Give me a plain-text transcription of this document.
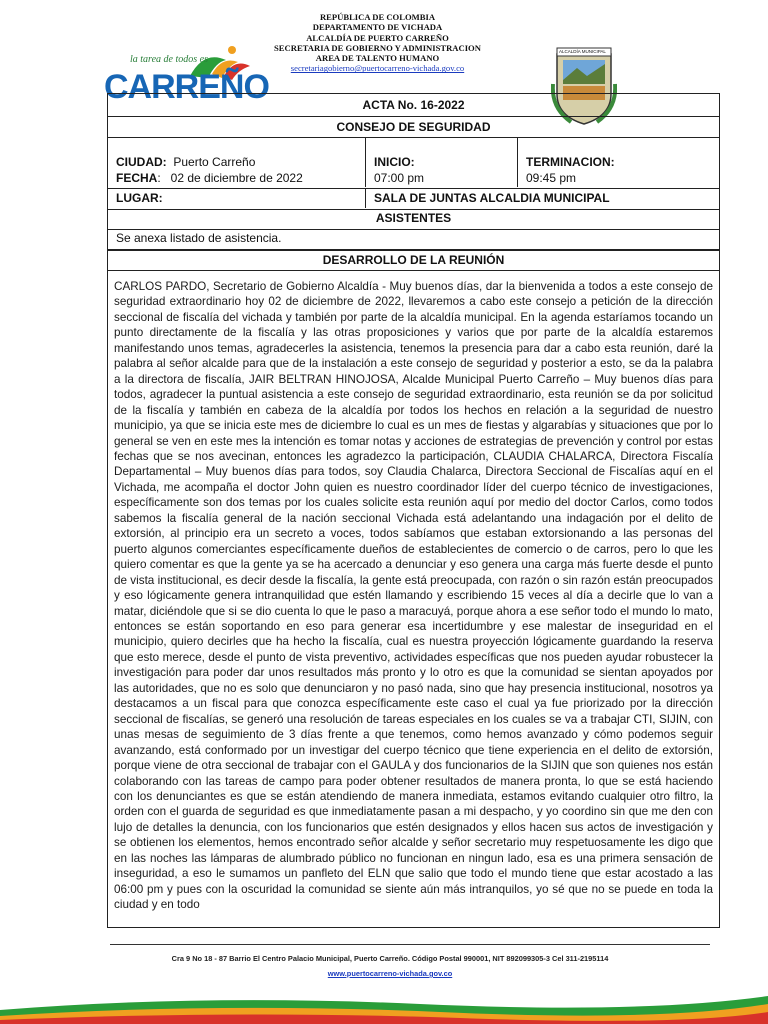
REPÚBLICA DE COLOMBIA
DEPARTAMENTO DE VICHADA
ALCALDÍA DE PUERTO CARREÑO
SECRETARIA DE GOBIERNO Y ADMINISTRACION
AREA DE TALENTO HUMANO
secretariagobierno@puertocarreno-vichada.gov.co
la tarea de todos es
CARREÑO
ALCALDÍA MUNICIPAL
ACTA No. 16-2022
CONSEJO DE SEGURIDAD
CIUDAD: Puerto Carreño
FECHA:   02 de diciembre de 2022
INICIO:
07:00 pm
TERMINACION:
09:45 pm
LUGAR:	SALA DE JUNTAS ALCALDIA MUNICIPAL
ASISTENTES
Se anexa listado de asistencia.
DESARROLLO DE LA REUNIÓN
CARLOS PARDO, Secretario de Gobierno Alcaldía - Muy buenos días, dar la bienvenida a todos a este consejo de seguridad extraordinario hoy 02 de diciembre de 2022, llevaremos a cabo este consejo a petición de la dirección seccional de fiscalía del vichada y también por parte de la alcaldía municipal. En la agenda estaríamos tocando un punto directamente de la fiscalía y las otras proposiciones y varios que por parte de la alcaldía estaremos manifestando unos temas, agradecerles la asistencia, tenemos la presencia para dar a cabo esta reunión, daré la palabra al señor alcalde para que de la instalación a este consejo de seguridad y posterior a esto, se da la palabra a la directora de fiscalía, JAIR BELTRAN HINOJOSA, Alcalde Municipal Puerto Carreño – Muy buenos días para todos, agradecer la puntual asistencia a este consejo de seguridad extraordinario, esta reunión se da por solicitud de la fiscalía y también en cabeza de la alcaldía por todos los hechos en relación a la seguridad de nuestro municipio, ya que se inicia este mes de diciembre lo cual es un mes de fiestas y algarabías y situaciones que por lo general se ven en este mes la intención es tomar notas y acciones de estrategias de prevención y control por estas fechas que se nos avecinan, entonces les agradezco la participación, CLAUDIA CHALARCA, Directora Fiscalía Departamental – Muy buenos días para todos, soy Claudia Chalarca, Directora Seccional de Fiscalías aquí en el Vichada, me acompaña el doctor John quien es nuestro coordinador líder del cuerpo técnico de investigaciones, específicamente son dos temas por los cuales solicite esta reunión aquí por medio del doctor Carlos, como todos sabemos la fiscalía general de la nación seccional Vichada está adelantando una indagación por el delito de extorsión, al principio era un secreto a voces, todos sabíamos que estaban extorsionando a las personas del puerto algunos comerciantes específicamente dueños de establecientes de comercio o de carros, pero lo que les quiero comentar es que la gente ya se ha acercado a denunciar y eso genera una carga más fuerte desde el punto de vista institucional, es decir desde la fiscalía, la gente está preocupada, con razón o sin razón están preocupados y eso lógicamente genera intranquilidad que estén llamando y escribiendo 15 veces al día a decirle que lo van a matar, diciéndole que si se dio cuenta lo que le paso a maracuyá, porque ahora a ese señor todo el mundo lo mato, entonces se están soportando en eso para generar esa incertidumbre y ese malestar de inseguridad en el municipio, quiero decirles que ha hecho la fiscalía, cual es nuestra proyección lógicamente guardando la reserva que esto merece, desde el punto de vista preventivo, actividades específicas que nos pueden ayudar robustecer la investigación para poder dar unos resultados más pronto y lo otro es que la comunidad se sientan apoyados por las autoridades, que no es solo que denunciaron y no pasó nada, sino que hay presencia institucional, nosotros ya destacamos a un fiscal para que conozca específicamente este caso el cual ya fue priorizado por la dirección seccional de fiscalías, se generó una resolución de tareas especiales en los cuales se va a trabajar CTI, SIJIN, con unas mesas de seguimiento de 3 días frente a que tenemos, como hemos avanzado y cómo podemos seguir avanzando, está conformado por un investigar del cuerpo técnico que tiene experiencia en el delito de extorsión, porque viene de otra seccional de trabajar con el GAULA y dos funcionarios de la SIJIN que son quienes nos están colaborando con las tareas de campo para poder obtener resultados de manera pronta, lo que se está haciendo con los denunciantes es que se están atendiendo de manera inmediata, estamos evitando cualquier otro filtro, la orden con el guarda de seguridad es que inmediatamente pasan a mi despacho, y yo coordino sin que me den con lujo de detalles la denuncia, con los funcionarios que estén designados y ellos hacen sus actos de investigación y se obtienen los elementos, hemos encontrado señor alcalde y señor secretario muy respetuosamente les digo que en las noches las lámparas de alumbrado público no funcionan en ningun lado, esa es una primera sensación de inseguridad, a eso le sumamos un panfleto del ELN que salio que todo el mundo tiene que estar acostado a las 06:00 pm y pues con la oscuridad la comunidad se siente aún más intranquilos, yo sé que no se puede en toda la ciudad y en todo
Cra 9 No 18 - 87 Barrio El Centro Palacio Municipal, Puerto Carreño. Código Postal 990001, NIT 892099305-3 Cel 311-2195114
www.puertocarreno-vichada.gov.co
